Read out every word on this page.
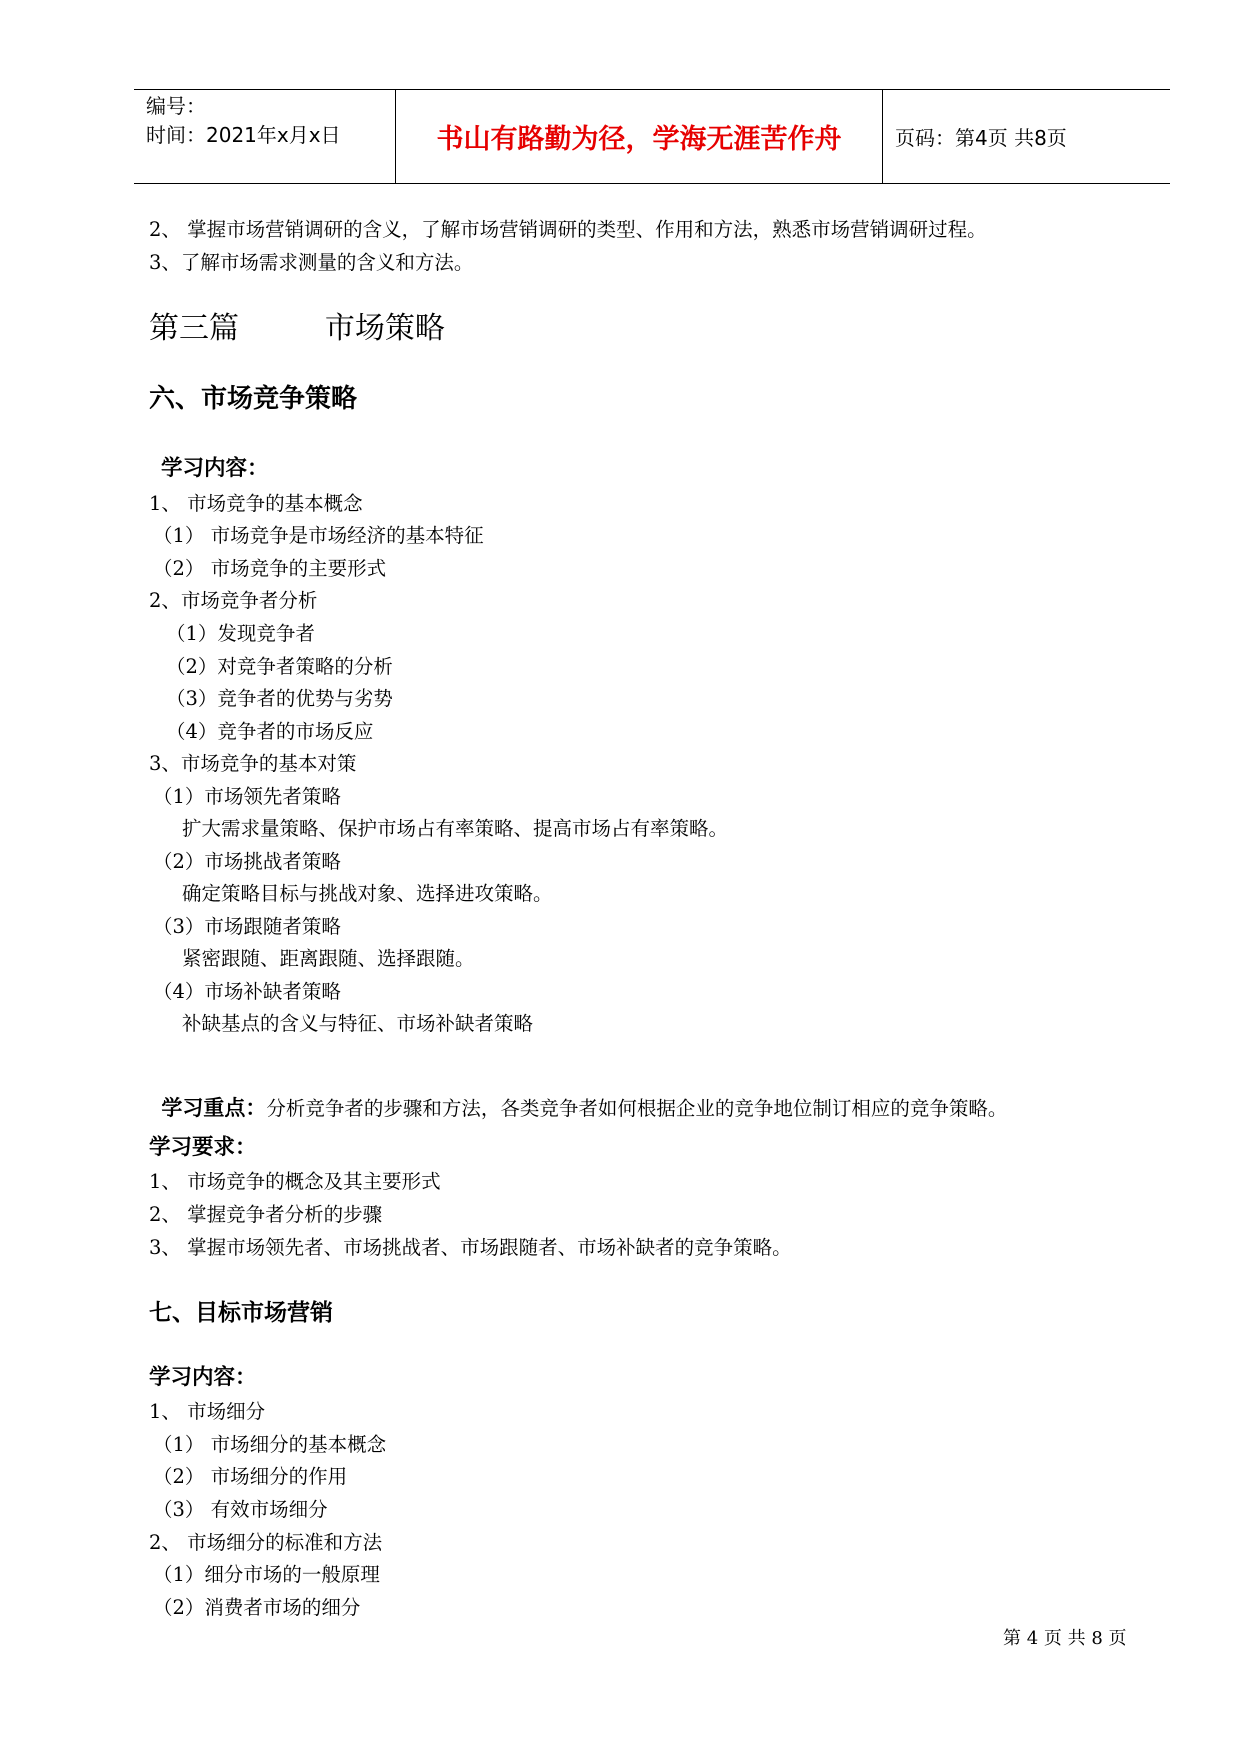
编号：
时间：2021年x月x日	书山有路勤为径，学海无涯苦作舟	页码：第4页 共8页
2、 掌握市场营销调研的含义，了解市场营销调研的类型、作用和方法，熟悉市场营销调研过程。
3、了解市场需求测量的含义和方法。
第三篇         市场策略
六、市场竞争策略
学习内容：
1、 市场竞争的基本概念
（1） 市场竞争是市场经济的基本特征
（2） 市场竞争的主要形式
2、市场竞争者分析
（1）发现竞争者
（2）对竞争者策略的分析
（3）竞争者的优势与劣势
（4）竞争者的市场反应
3、市场竞争的基本对策
（1）市场领先者策略
扩大需求量策略、保护市场占有率策略、提高市场占有率策略。
（2）市场挑战者策略
确定策略目标与挑战对象、选择进攻策略。
（3）市场跟随者策略
紧密跟随、距离跟随、选择跟随。
（4）市场补缺者策略
补缺基点的含义与特征、市场补缺者策略

学习重点：分析竞争者的步骤和方法，各类竞争者如何根据企业的竞争地位制订相应的竞争策略。

学习要求：
1、 市场竞争的概念及其主要形式
2、 掌握竞争者分析的步骤
3、 掌握市场领先者、市场挑战者、市场跟随者、市场补缺者的竞争策略。
七、目标市场营销
学习内容：
1、 市场细分
（1） 市场细分的基本概念
（2） 市场细分的作用
（3） 有效市场细分
2、 市场细分的标准和方法
（1）细分市场的一般原理
（2）消费者市场的细分
第 4 页 共 8 页
